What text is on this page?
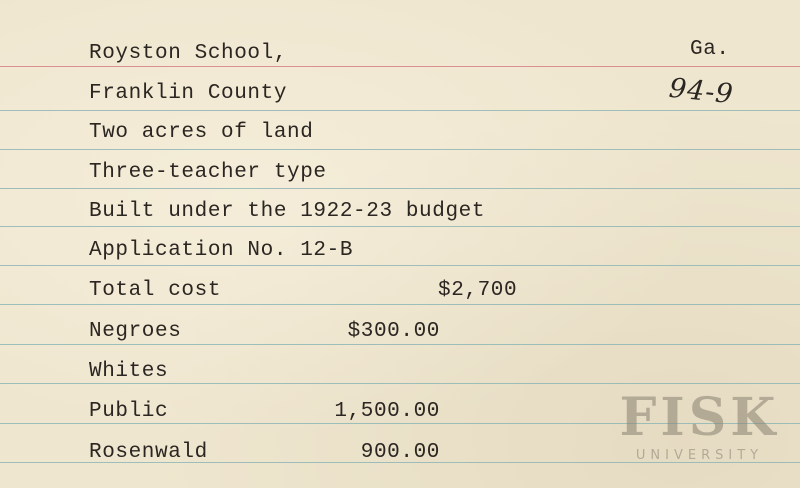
Royston School,	Ga.
94-9
Franklin County
Two acres of land
Three-teacher type
Built under the 1922-23 budget
Application No. 12-B
Total cost	$2,700
Negroes	$300.00
Whites
Public	1,500.00
Rosenwald	900.00
FISK
UNIVERSITY
